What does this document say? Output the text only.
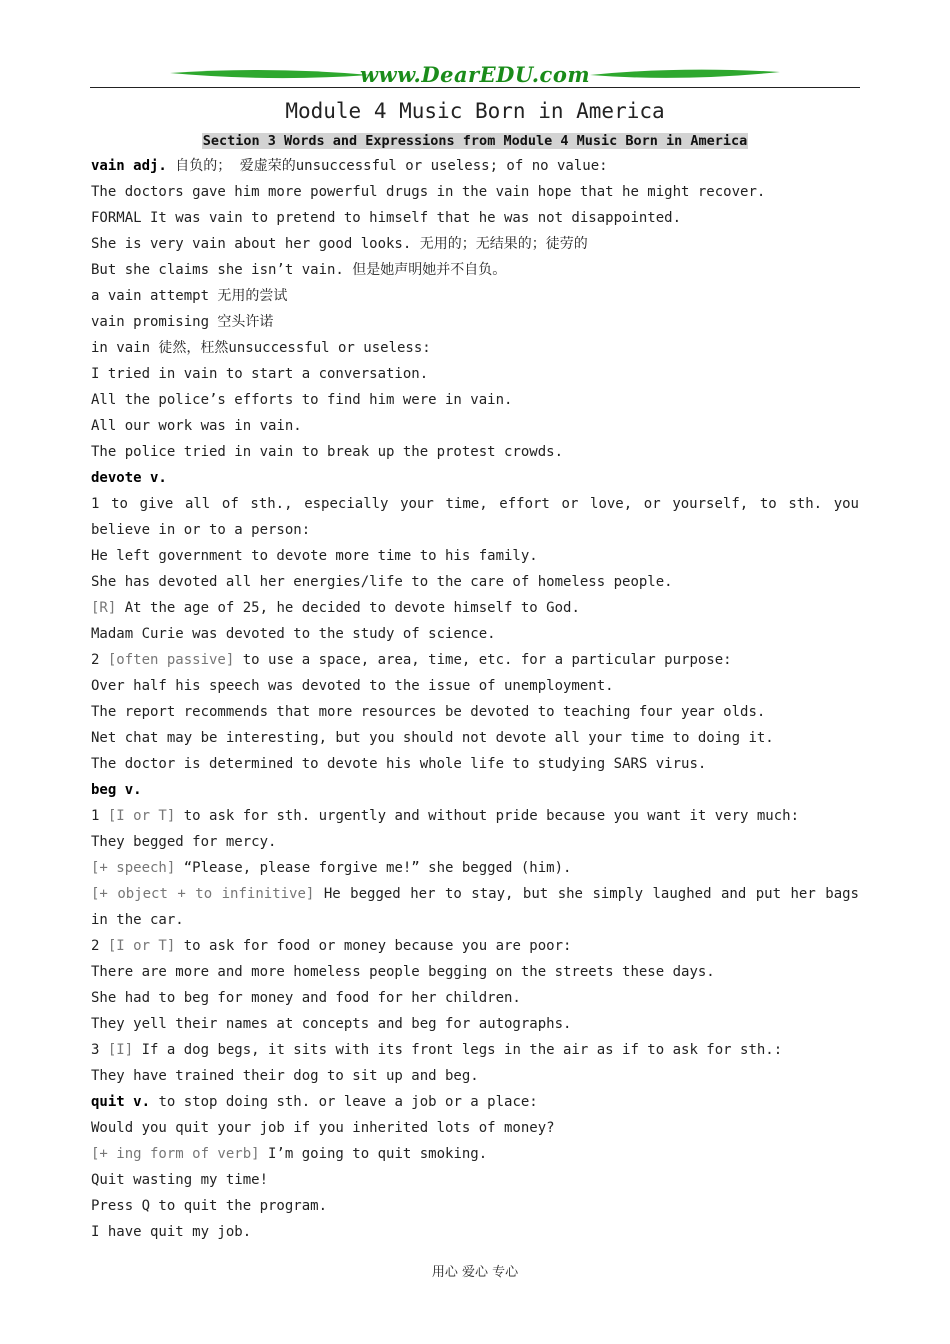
www.DearEDU.com
Module 4 Music Born in America
Section 3 Words and Expressions from Module 4 Music Born in America
vain adj. 自负的； 爱虚荣的unsuccessful or useless; of no value:
The doctors gave him more powerful drugs in the vain hope that he might recover.
FORMAL It was vain to pretend to himself that he was not disappointed.
She is very vain about her good looks. 无用的；无结果的；徒劳的
But she claims she isn’t vain. 但是她声明她并不自负。
a vain attempt 无用的尝试
vain promising 空头许诺
in vain 徒然，枉然unsuccessful or useless:
I tried in vain to start a conversation.
All the police’s efforts to find him were in vain.
All our work was in vain.
The police tried in vain to break up the protest crowds.
devote v.
1 to give all of sth., especially your time, effort or love, or yourself, to sth. you believe in or to a person:
He left government to devote more time to his family.
She has devoted all her energies/life to the care of homeless people.
[R] At the age of 25, he decided to devote himself to God.
Madam Curie was devoted to the study of science.
2 [often passive] to use a space, area, time, etc. for a particular purpose:
Over half his speech was devoted to the issue of unemployment.
The report recommends that more resources be devoted to teaching four year olds.
Net chat may be interesting, but you should not devote all your time to doing it.
The doctor is determined to devote his whole life to studying SARS virus.
beg v.
1 [I or T] to ask for sth. urgently and without pride because you want it very much:
They begged for mercy.
[+ speech] “Please, please forgive me!” she begged (him).
[+ object + to infinitive] He begged her to stay, but she simply laughed and put her bags in the car.
2 [I or T] to ask for food or money because you are poor:
There are more and more homeless people begging on the streets these days.
She had to beg for money and food for her children.
They yell their names at concepts and beg for autographs.
3 [I] If a dog begs, it sits with its front legs in the air as if to ask for sth.:
They have trained their dog to sit up and beg.
quit v. to stop doing sth. or leave a job or a place:
Would you quit your job if you inherited lots of money?
[+ ing form of verb] I’m going to quit smoking.
Quit wasting my time!
Press Q to quit the program.
I have quit my job.
用心 爱心 专心
